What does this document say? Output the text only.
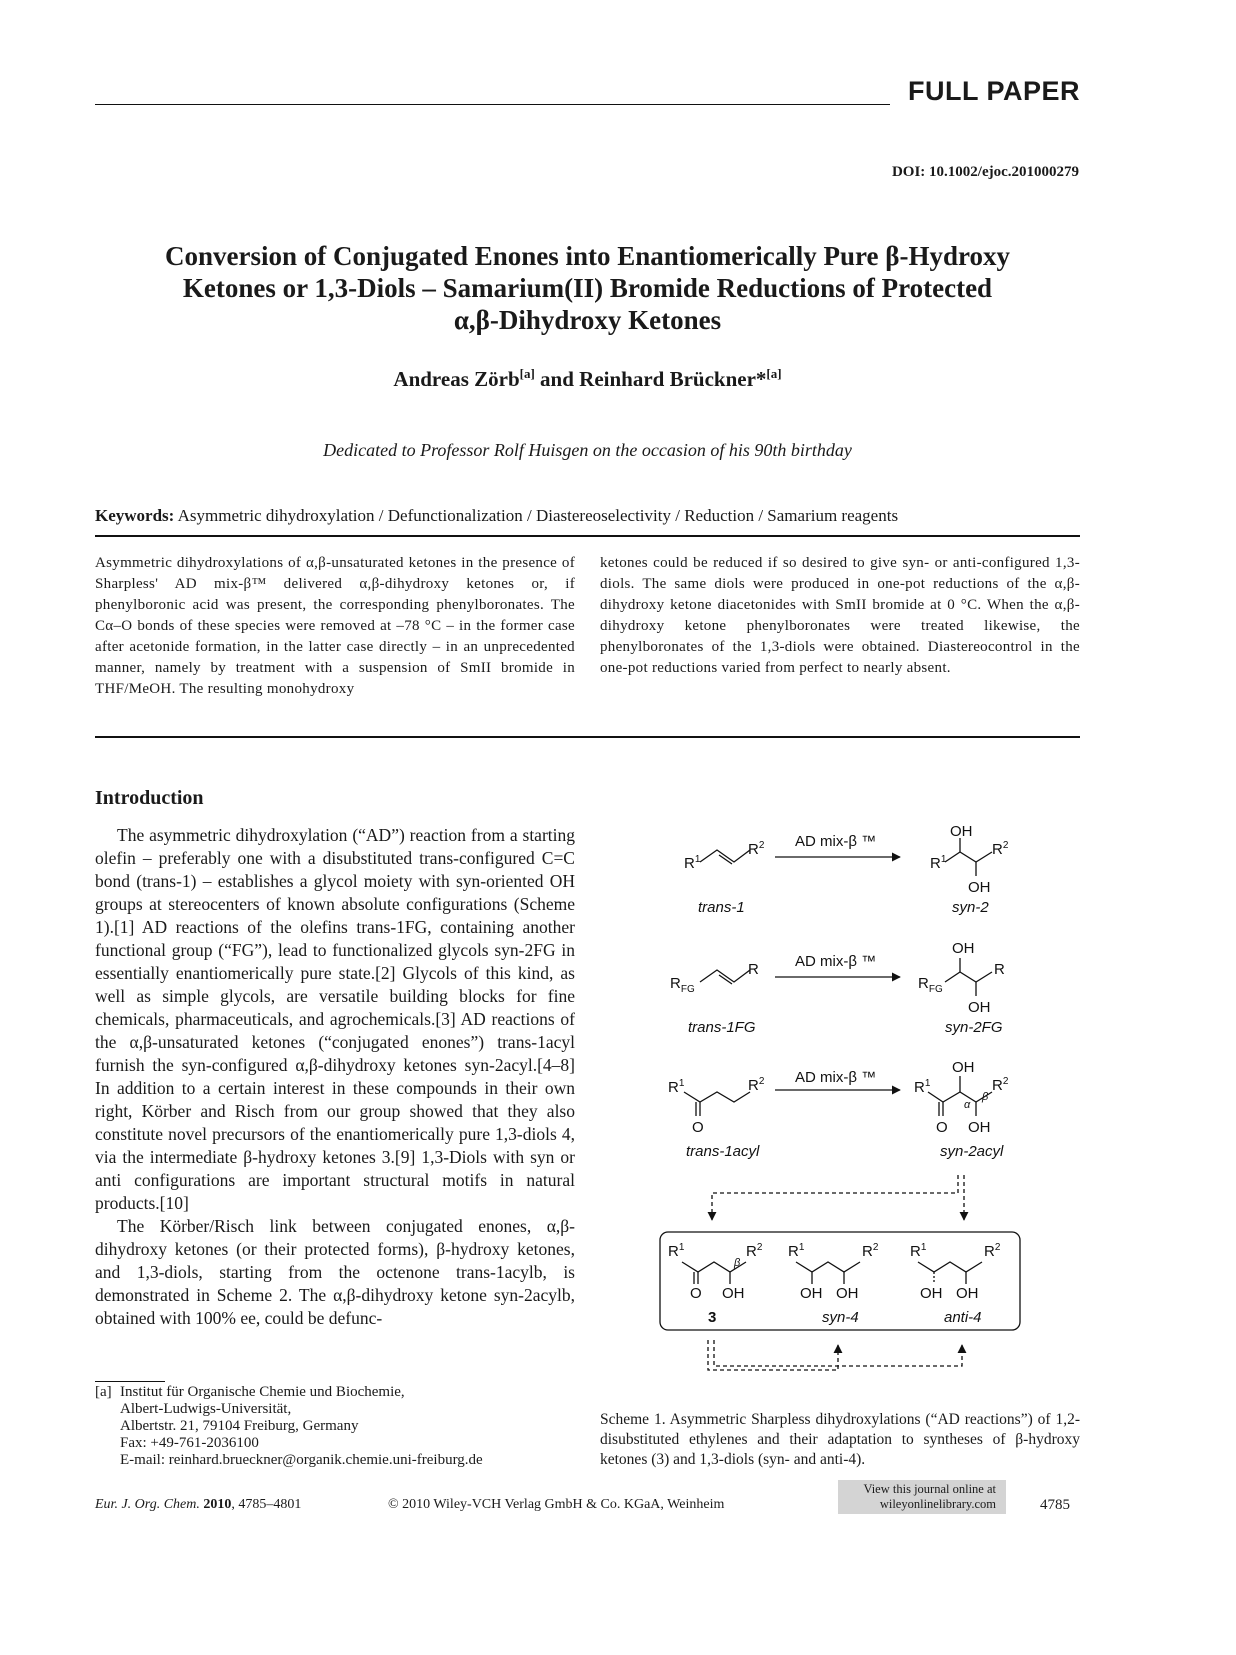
FULL PAPER
DOI: 10.1002/ejoc.201000279
Conversion of Conjugated Enones into Enantiomerically Pure β-Hydroxy
Ketones or 1,3-Diols – Samarium(II) Bromide Reductions of Protected
α,β-Dihydroxy Ketones
Andreas Zörb[a] and Reinhard Brückner*[a]
Dedicated to Professor Rolf Huisgen on the occasion of his 90th birthday
Keywords: Asymmetric dihydroxylation / Defunctionalization / Diastereoselectivity / Reduction / Samarium reagents
Asymmetric dihydroxylations of α,β-unsaturated ketones in the presence of Sharpless' AD mix-β™ delivered α,β-dihydroxy ketones or, if phenylboronic acid was present, the corresponding phenylboronates. The Cα–O bonds of these species were removed at –78 °C – in the former case after acetonide formation, in the latter case directly – in an unprecedented manner, namely by treatment with a suspension of SmII bromide in THF/MeOH. The resulting monohydroxy
ketones could be reduced if so desired to give syn- or anti-configured 1,3-diols. The same diols were produced in one-pot reductions of the α,β-dihydroxy ketone diacetonides with SmII bromide at 0 °C. When the α,β-dihydroxy ketone phenylboronates were treated likewise, the phenylboronates of the 1,3-diols were obtained. Diastereocontrol in the one-pot reductions varied from perfect to nearly absent.
Introduction

The asymmetric dihydroxylation (“AD”) reaction from a starting olefin – preferably one with a disubstituted trans-configured C=C bond (trans-1) – establishes a glycol moiety with syn-oriented OH groups at stereocenters of known absolute configurations (Scheme 1).[1] AD reactions of the olefins trans-1FG, containing another functional group (“FG”), lead to functionalized glycols syn-2FG in essentially enantiomerically pure state.[2] Glycols of this kind, as well as simple glycols, are versatile building blocks for fine chemicals, pharmaceuticals, and agrochemicals.[3] AD reactions of the α,β-unsaturated ketones (“conjugated enones”) trans-1acyl furnish the syn-configured α,β-dihydroxy ketones syn-2acyl.[4–8] In addition to a certain interest in these compounds in their own right, Körber and Risch from our group showed that they also constitute novel precursors of the enantiomerically pure 1,3-diols 4, via the intermediate β-hydroxy ketones 3.[9] 1,3-Diols with syn or anti configurations are important structural motifs in natural products.[10]

The Körber/Risch link between conjugated enones, α,β-dihydroxy ketones (or their protected forms), β-hydroxy ketones, and 1,3-diols, starting from the octenone trans-1acylb, is demonstrated in Scheme 2. The α,β-dihydroxy ketone syn-2acylb, obtained with 100% ee, could be defunc-

[a] Institut für Organische Chemie und Biochemie,
Albert-Ludwigs-Universität,
Albertstr. 21, 79104 Freiburg, Germany
Fax: +49-761-2036100
E-mail: reinhard.brueckner@organik.chemie.uni-freiburg.de
$R^1$
$R^2$ AD mix-β ™
OH
$R^1$
$R^2$
OH
trans-1	syn-2
$R_{FG}$
R AD mix-β ™
OH
$R_{FG}$
R
OH
trans-1FG	syn-2FG
$R^1$	$R^2$
O
AD mix-β ™
OH
$R^1$	$R^2$
O OH
α
β
trans-1acyl	syn-2acyl
$R^1$	$R^2$
β
O OH
3
$R^1$	$R^2$
OH OH
syn-4
$R^1$	$R^2$
OH OH
anti-4
Scheme 1. Asymmetric Sharpless dihydroxylations (“AD reactions”) of 1,2-disubstituted ethylenes and their adaptation to syntheses of β-hydroxy ketones (3) and 1,3-diols (syn- and anti-4).
Eur. J. Org. Chem. 2010, 4785–4801	© 2010 Wiley-VCH Verlag GmbH & Co. KGaA, Weinheim
View this journal online at
wileyonlinelibrary.com	4785
